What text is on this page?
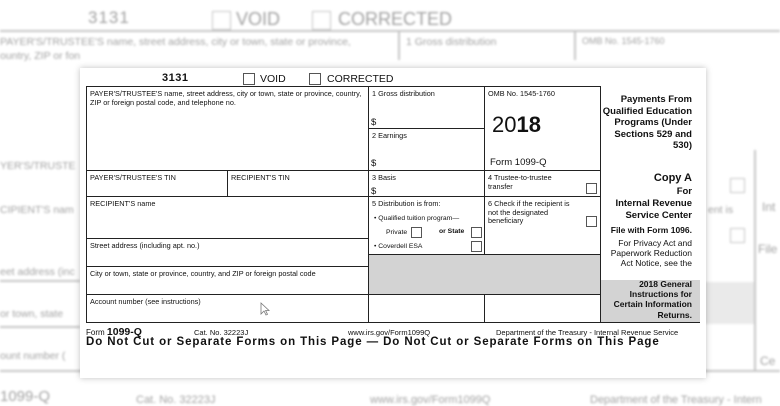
3131	VOID	CORRECTED
PAYER'S/TRUSTEE'S name, street address, city or town, state or province,
ountry, ZIP or fon
1 Gross distribution	OMB No. 1545-1760
YER'S/TRUSTE
CIPIENT'S nam
eet address (inc
or town, state
ount number (
ent is Int
File
Ce
1099-Q	Cat. No. 32223J	www.irs.gov/Form1099Q	Department of the Treasury - Intern
3131	VOID	CORRECTED
PAYER'S/TRUSTEE'S name, street address, city or town, state or province, country, ZIP or foreign postal code, and telephone no.
1 Gross distribution
$
2 Earnings
$
OMB No. 1545-1760
2018
Form 1099-Q
Payments From Qualified Education Programs (Under Sections 529 and 530)
PAYER'S/TRUSTEE'S TIN	RECIPIENT'S TIN	3 Basis
$
4 Trustee-to-trustee transfer
Copy A
For
Internal Revenue Service Center
File with Form 1096.
For Privacy Act and Paperwork Reduction Act Notice, see the
2018 General Instructions for Certain Information Returns.
RECIPIENT'S name
Street address (including apt. no.)
City or town, state or province, country, and ZIP or foreign postal code
Account number (see instructions)
5 Distribution is from:
• Qualified tuition program—
Private	or State
• Coverdell ESA
6 Check if the recipient is not the designated beneficiary
Form 1099-Q	Cat. No. 32223J	www.irs.gov/Form1099Q	Department of the Treasury - Internal Revenue Service
Do Not Cut or Separate Forms on This Page — Do Not Cut or Separate Forms on This Page
